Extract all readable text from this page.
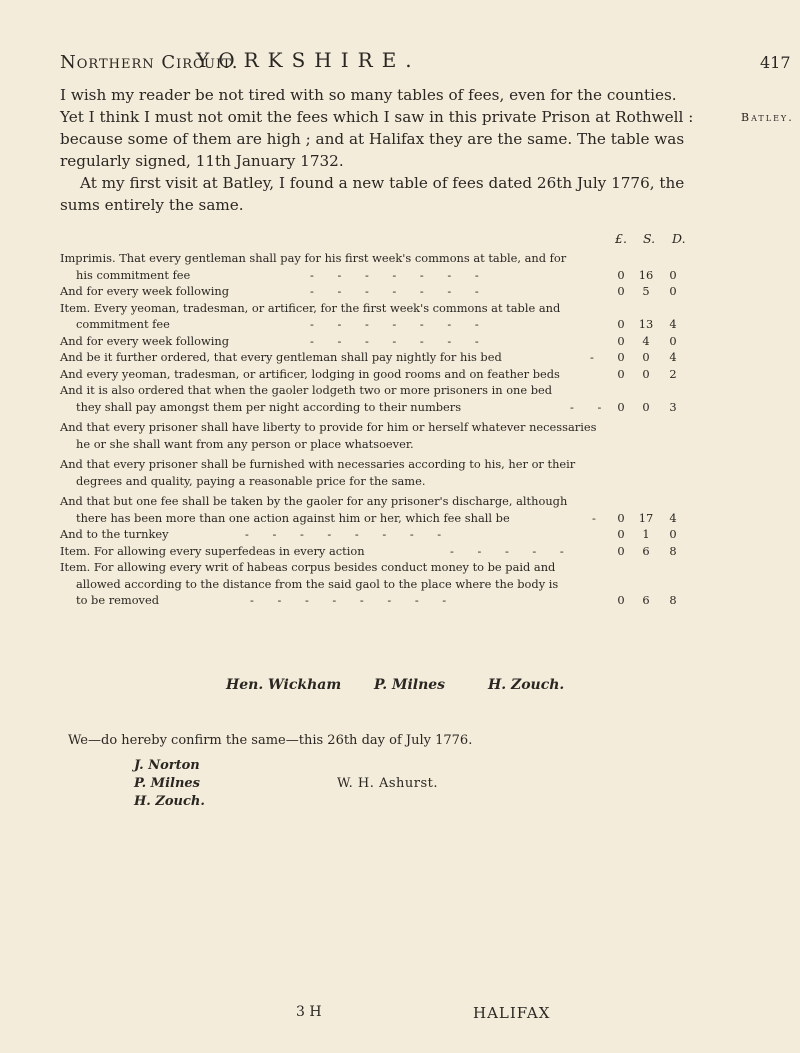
Northern Circuit.
YORKSHIRE.	417
Batley.
I wish my reader be not tired with so many tables of fees, even for the counties.
Yet I think I must not omit the fees which I saw in this private Prison at Rothwell :
because some of them are high ; and at Halifax they are the same. The table was
regularly signed, 11th January 1732.
At my first visit at Batley, I found a new table of fees dated 26th July 1776, the
sums entirely the same.
£. S. D.
Imprimis. That every gentleman shall pay for his first week's commons at table, and for
his commitment fee	- - - - - - -	0	16	0
And for every week following	- - - - - - -	0	5	0
Item. Every yeoman, tradesman, or artificer, for the first week's commons at table and
commitment fee	- - - - - - -	0	13	4
And for every week following	- - - - - - -	0	4	0
And be it further ordered, that every gentleman shall pay nightly for his bed	-	0	0	4
And every yeoman, tradesman, or artificer, lodging in good rooms and on feather beds	0	0	2
And it is also ordered that when the gaoler lodgeth two or more prisoners in one bed
they shall pay amongst them per night according to their numbers	- - 0	0	3
And that every prisoner shall have liberty to provide for him or herself whatever necessaries
he or she shall want from any person or place whatsoever.
And that every prisoner shall be furnished with necessaries according to his, her or their
degrees and quality, paying a reasonable price for the same.
And that but one fee shall be taken by the gaoler for any prisoner's discharge, although
there has been more than one action against him or her, which fee shall be	-	0	17	4
And to the turnkey	- - - - - - - -	0	1	0
Item. For allowing every superfedeas in every action	- - - - -	0	6	8
Item. For allowing every writ of habeas corpus besides conduct money to be paid and
allowed according to the distance from the said gaol to the place where the body is
to be removed	- - - - - - - -	0	6	8
Hen. Wickham P. Milnes	H. Zouch.
We—do hereby confirm the same—this 26th day of July 1776.
J. Norton
P. Milnes
H. Zouch.
W. H. Ashurst.
3 H	HALIFAX
